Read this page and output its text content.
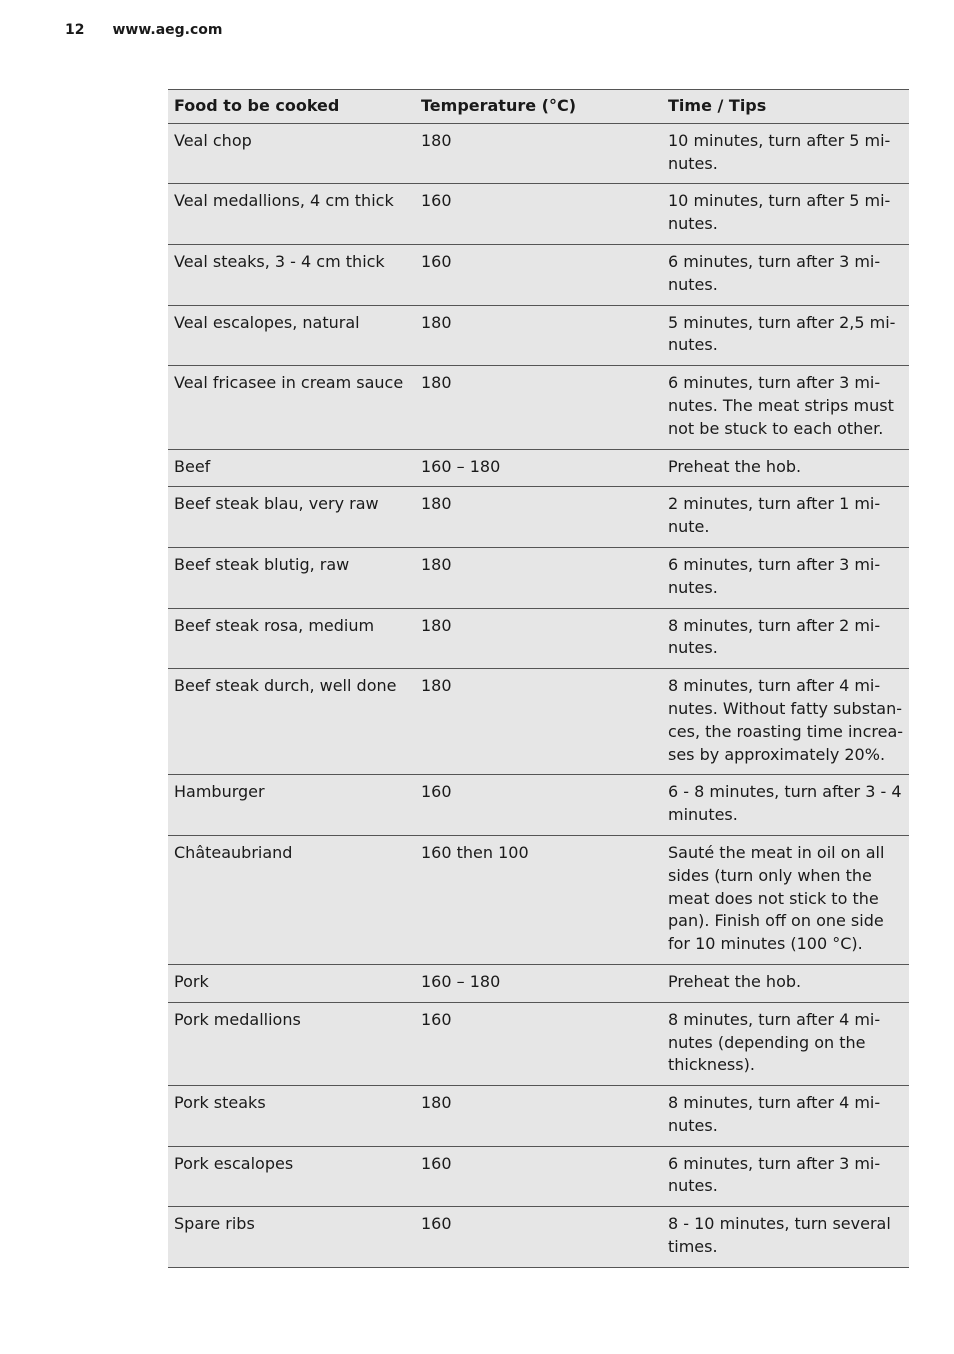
12 www.aeg.com
Food to be cooked	Temperature (°C)	Time / Tips
Veal chop	180	10 minutes, turn after 5 mi-
nutes.
Veal medallions, 4 cm thick	160	10 minutes, turn after 5 mi-
nutes.
Veal steaks, 3 - 4 cm thick	160	6 minutes, turn after 3 mi-
nutes.
Veal escalopes, natural	180	5 minutes, turn after 2,5 mi-
nutes.
Veal fricasee in cream sauce	180	6 minutes, turn after 3 mi-
nutes. The meat strips must
not be stuck to each other.
Beef	160 – 180	Preheat the hob.
Beef steak blau, very raw	180	2 minutes, turn after 1 mi-
nute.
Beef steak blutig, raw	180	6 minutes, turn after 3 mi-
nutes.
Beef steak rosa, medium	180	8 minutes, turn after 2 mi-
nutes.
Beef steak durch, well done	180	8 minutes, turn after 4 mi-
nutes. Without fatty substan-
ces, the roasting time increa-
ses by approximately 20%.
Hamburger	160	6 - 8 minutes, turn after 3 - 4
minutes.
Châteaubriand	160 then 100	Sauté the meat in oil on all
sides (turn only when the
meat does not stick to the
pan). Finish off on one side
for 10 minutes (100 °C).
Pork	160 – 180	Preheat the hob.
Pork medallions	160	8 minutes, turn after 4 mi-
nutes (depending on the
thickness).
Pork steaks	180	8 minutes, turn after 4 mi-
nutes.
Pork escalopes	160	6 minutes, turn after 3 mi-
nutes.
Spare ribs	160	8 - 10 minutes, turn several
times.
